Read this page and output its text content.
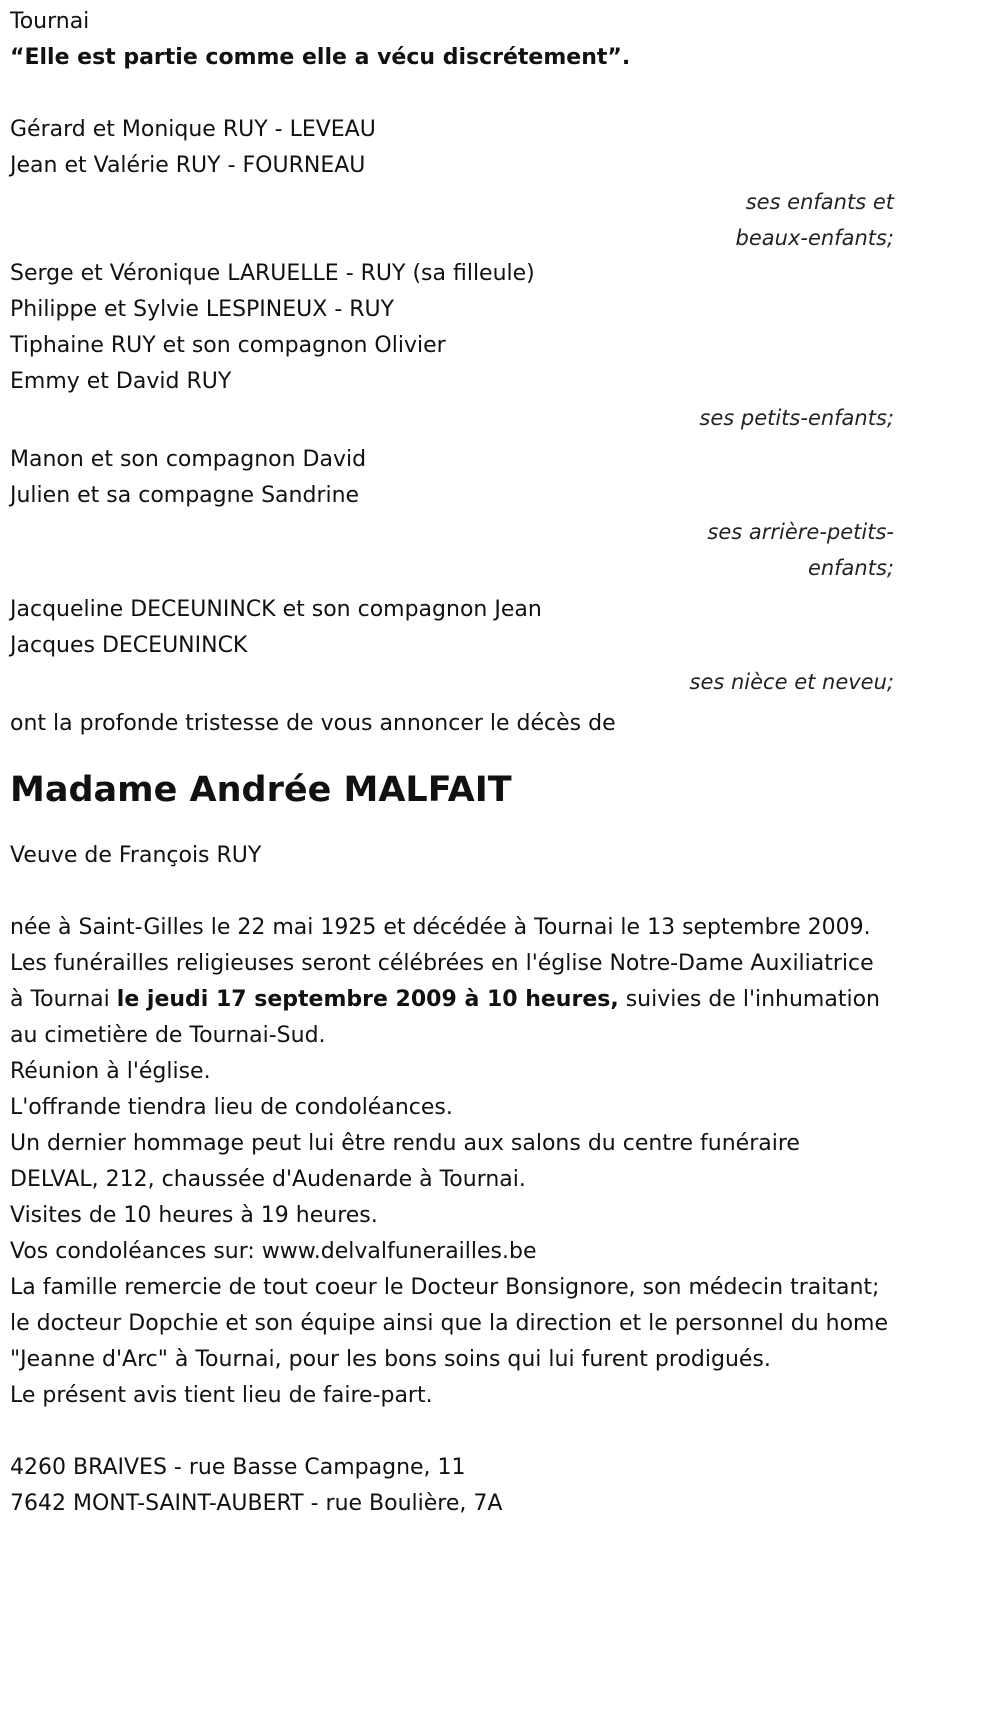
Tournai
“Elle est partie comme elle a vécu discrétement”.
Gérard et Monique RUY - LEVEAU
Jean et Valérie RUY - FOURNEAU
ses enfants et
beaux-enfants;
Serge et Véronique LARUELLE - RUY (sa filleule)
Philippe et Sylvie LESPINEUX - RUY
Tiphaine RUY et son compagnon Olivier
Emmy et David RUY
ses petits-enfants;
Manon et son compagnon David
Julien et sa compagne Sandrine
ses arrière-petits-
enfants;
Jacqueline DECEUNINCK et son compagnon Jean
Jacques DECEUNINCK
ses nièce et neveu;
ont la profonde tristesse de vous annoncer le décès de
Madame Andrée MALFAIT
Veuve de François RUY
née à Saint-Gilles le 22 mai 1925 et décédée à Tournai le 13 septembre 2009.
Les funérailles religieuses seront célébrées en l'église Notre-Dame Auxiliatrice à Tournai le jeudi 17 septembre 2009 à 10 heures, suivies de l'inhumation au cimetière de Tournai-Sud.
Réunion à l'église.
L'offrande tiendra lieu de condoléances.
Un dernier hommage peut lui être rendu aux salons du centre funéraire DELVAL, 212, chaussée d'Audenarde à Tournai.
Visites de 10 heures à 19 heures.
Vos condoléances sur: www.delvalfunerailles.be
La famille remercie de tout coeur le Docteur Bonsignore, son médecin traitant; le docteur Dopchie et son équipe ainsi que la direction et le personnel du home "Jeanne d'Arc" à Tournai, pour les bons soins qui lui furent prodigués.
Le présent avis tient lieu de faire-part.
4260 BRAIVES - rue Basse Campagne, 11
7642 MONT-SAINT-AUBERT - rue Boulière, 7A
